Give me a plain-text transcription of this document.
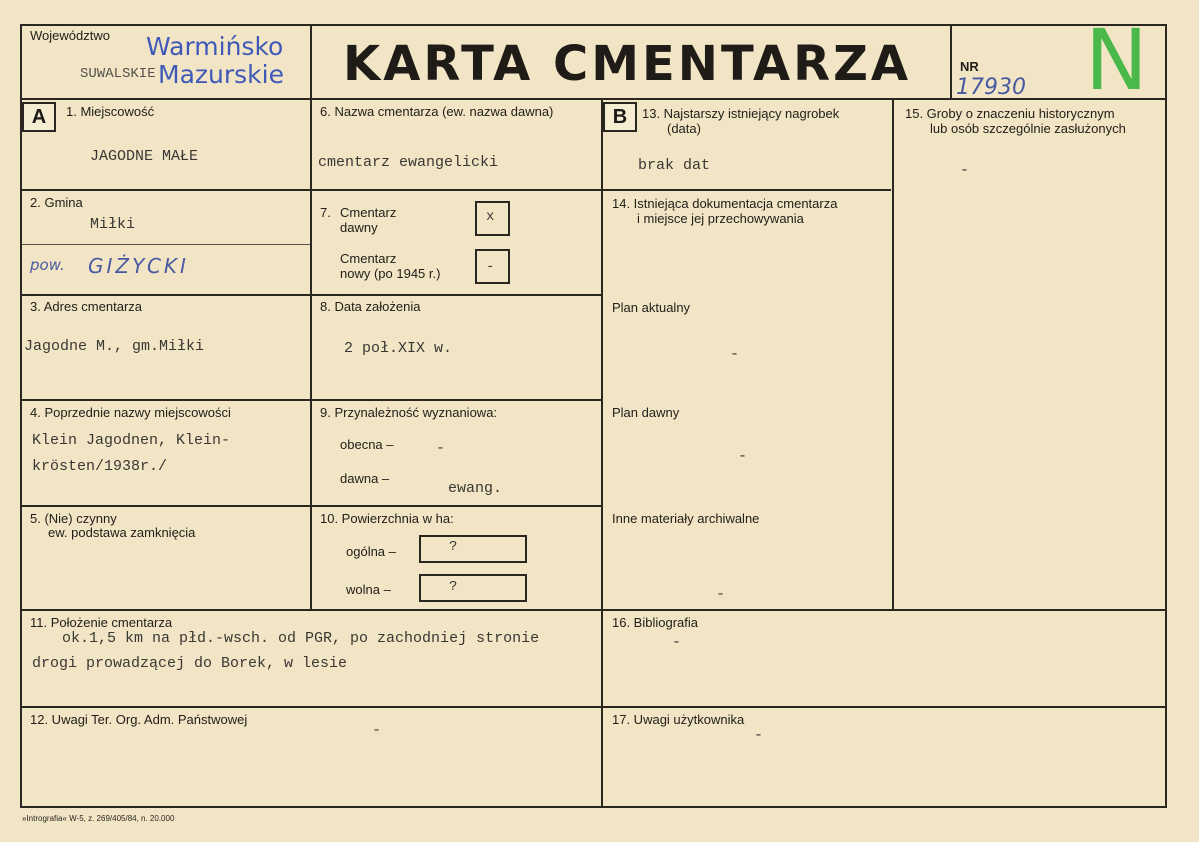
Województwo
SUWALSKIE
Warmińsko
Mazurskie KARTA CMENTARZA	NR
17930 N
A	B
1. Miejscowość
JAGODNE MAŁE
2. Gmina
Miłki
pow. GIŻYCKI
3. Adres cmentarza
Jagodne M., gm.Miłki
4. Poprzednie nazwy miejscowości
Klein Jagodnen, Klein-
krösten/1938r./
5. (Nie) czynny
ew. podstawa zamknięcia
6. Nazwa cmentarza (ew. nazwa dawna)
cmentarz ewangelicki
7. Cmentarz
dawny
x
Cmentarz
nowy (po 1945 r.)	-
8. Data założenia
2 poł.XIX w.
9. Przynależność wyznaniowa:
obecna –	-
dawna –
ewang.
10. Powierzchnia w ha:
ogólna –	?
wolna –	?
11. Położenie cmentarza
ok.1,5 km na płd.-wsch. od PGR, po zachodniej stronie
drogi prowadzącej do Borek, w lesie
12. Uwagi Ter. Org. Adm. Państwowej
-
13. Najstarszy istniejący nagrobek
(data)
brak dat
14. Istniejąca dokumentacja cmentarza
i miejsce jej przechowywania
Plan aktualny
-
Plan dawny
-
Inne materiały archiwalne
-
15. Groby o znaczeniu historycznym
lub osób szczególnie zasłużonych
-
16. Bibliografia
-
17. Uwagi użytkownika
-
»Intrografia« W-5, z. 269/405/84, n. 20.000
